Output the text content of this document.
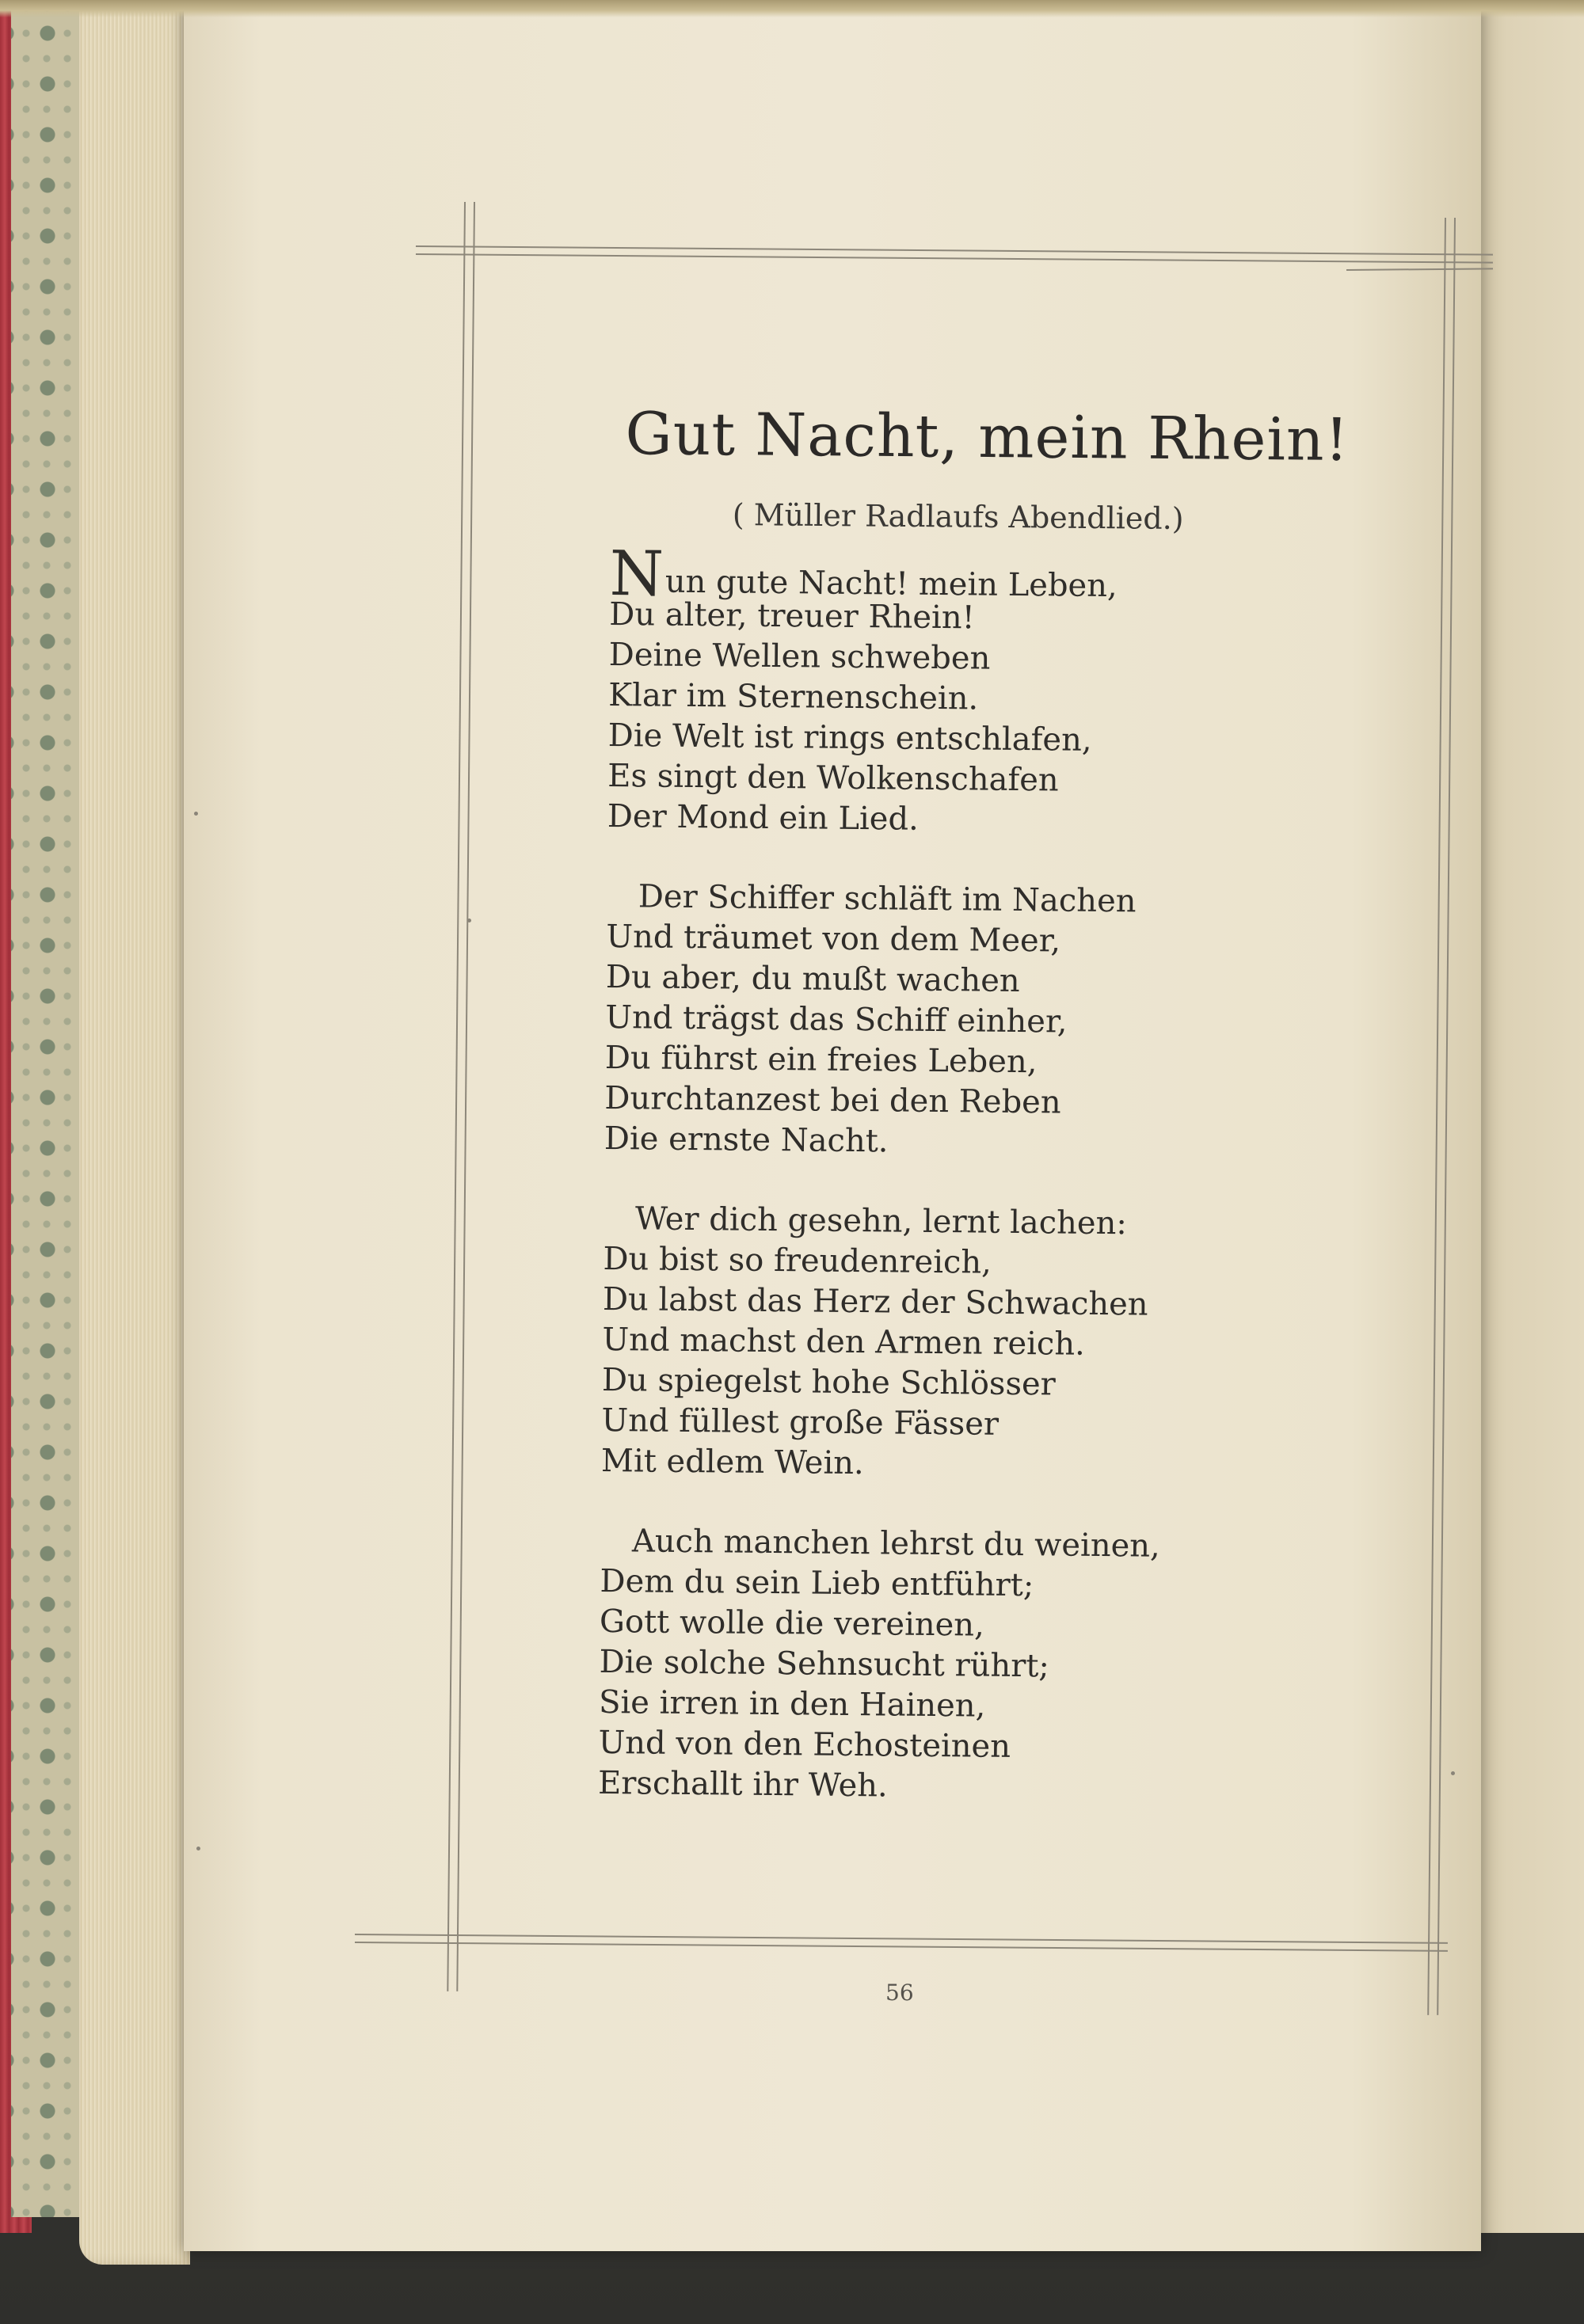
Gut Nacht, mein Rhein!
( Müller Radlaufs Abendlied.)
Nun gute Nacht! mein Leben,
Du alter, treuer Rhein!
Deine Wellen schweben
Klar im Sternenschein.
Die Welt ist rings entschlafen,
Es singt den Wolkenschafen
Der Mond ein Lied.
Der Schiffer schläft im Nachen
Und träumet von dem Meer,
Du aber, du mußt wachen
Und trägst das Schiff einher,
Du führst ein freies Leben,
Durchtanzest bei den Reben
Die ernste Nacht.
Wer dich gesehn, lernt lachen:
Du bist so freudenreich,
Du labst das Herz der Schwachen
Und machst den Armen reich.
Du spiegelst hohe Schlösser
Und füllest große Fässer
Mit edlem Wein.
Auch manchen lehrst du weinen,
Dem du sein Lieb entführt;
Gott wolle die vereinen,
Die solche Sehnsucht rührt;
Sie irren in den Hainen,
Und von den Echosteinen
Erschallt ihr Weh.
56
